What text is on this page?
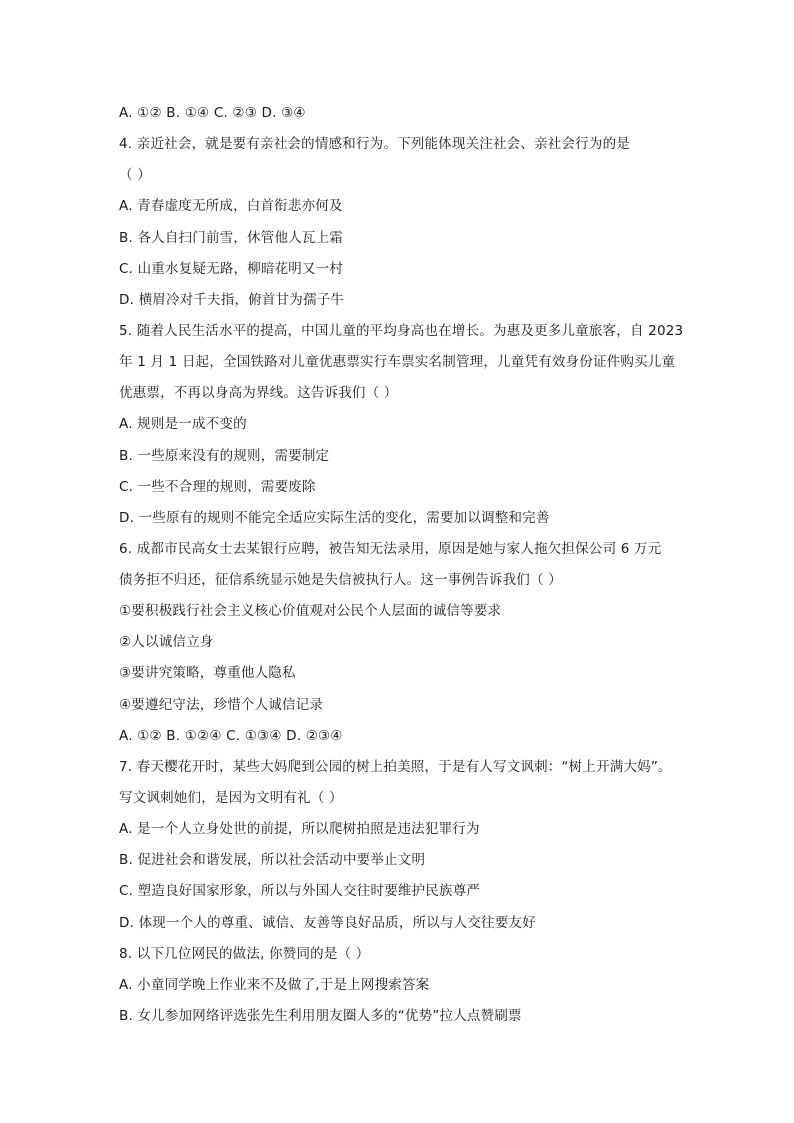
A. ①② B. ①④ C. ②③ D. ③④
4. 亲近社会，就是要有亲社会的情感和行为。下列能体现关注社会、亲社会行为的是
（ ）
A. 青春虚度无所成，白首衔悲亦何及
B. 各人自扫门前雪，休管他人瓦上霜
C. 山重水复疑无路，柳暗花明又一村
D. 横眉冷对千夫指，俯首甘为孺子牛
5. 随着人民生活水平的提高，中国儿童的平均身高也在增长。为惠及更多儿童旅客，自 2023
年 1 月 1 日起，全国铁路对儿童优惠票实行车票实名制管理，儿童凭有效身份证件购买儿童
优惠票，不再以身高为界线。这告诉我们（ ）
A. 规则是一成不变的
B. 一些原来没有的规则，需要制定
C. 一些不合理的规则，需要废除
D. 一些原有的规则不能完全适应实际生活的变化，需要加以调整和完善
6. 成都市民高女士去某银行应聘，被告知无法录用，原因是她与家人拖欠担保公司 6 万元
债务拒不归还，征信系统显示她是失信被执行人。这一事例告诉我们（ ）
①要积极践行社会主义核心价值观对公民个人层面的诚信等要求
②人以诚信立身
③要讲究策略，尊重他人隐私
④要遵纪守法，珍惜个人诚信记录
A. ①② B. ①②④ C. ①③④ D. ②③④
7. 春天樱花开时，某些大妈爬到公园的树上拍美照，于是有人写文讽刺：“树上开满大妈”。
写文讽刺她们，是因为文明有礼（ ）
A. 是一个人立身处世的前提，所以爬树拍照是违法犯罪行为
B. 促进社会和谐发展，所以社会活动中要举止文明
C. 塑造良好国家形象，所以与外国人交往时要维护民族尊严
D. 体现一个人的尊重、诚信、友善等良好品质，所以与人交往要友好
8. 以下几位网民的做法, 你赞同的是（ ）
A. 小童同学晚上作业来不及做了,于是上网搜索答案
B. 女儿参加网络评选张先生利用朋友圈人多的“优势”拉人点赞刷票
